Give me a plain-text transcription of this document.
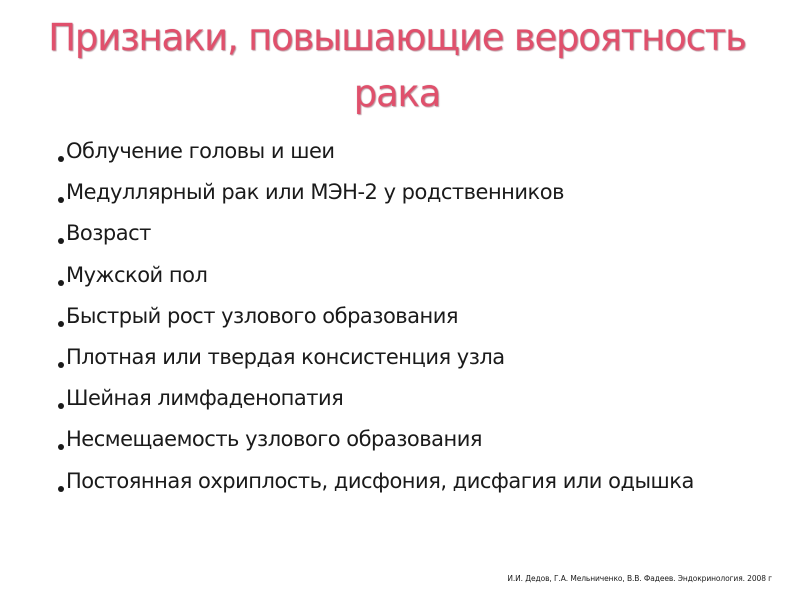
Признаки, повышающие вероятность
рака
Облучение головы и шеи
Медуллярный рак или МЭН-2 у родственников
Возраст
Мужской пол
Быстрый рост узлового образования
Плотная или твердая консистенция узла
Шейная лимфаденопатия
Несмещаемость узлового образования
Постоянная охриплость, дисфония, дисфагия или одышка
И.И. Дедов, Г.А. Мельниченко, В.В. Фадеев. Эндокринология. 2008 г
